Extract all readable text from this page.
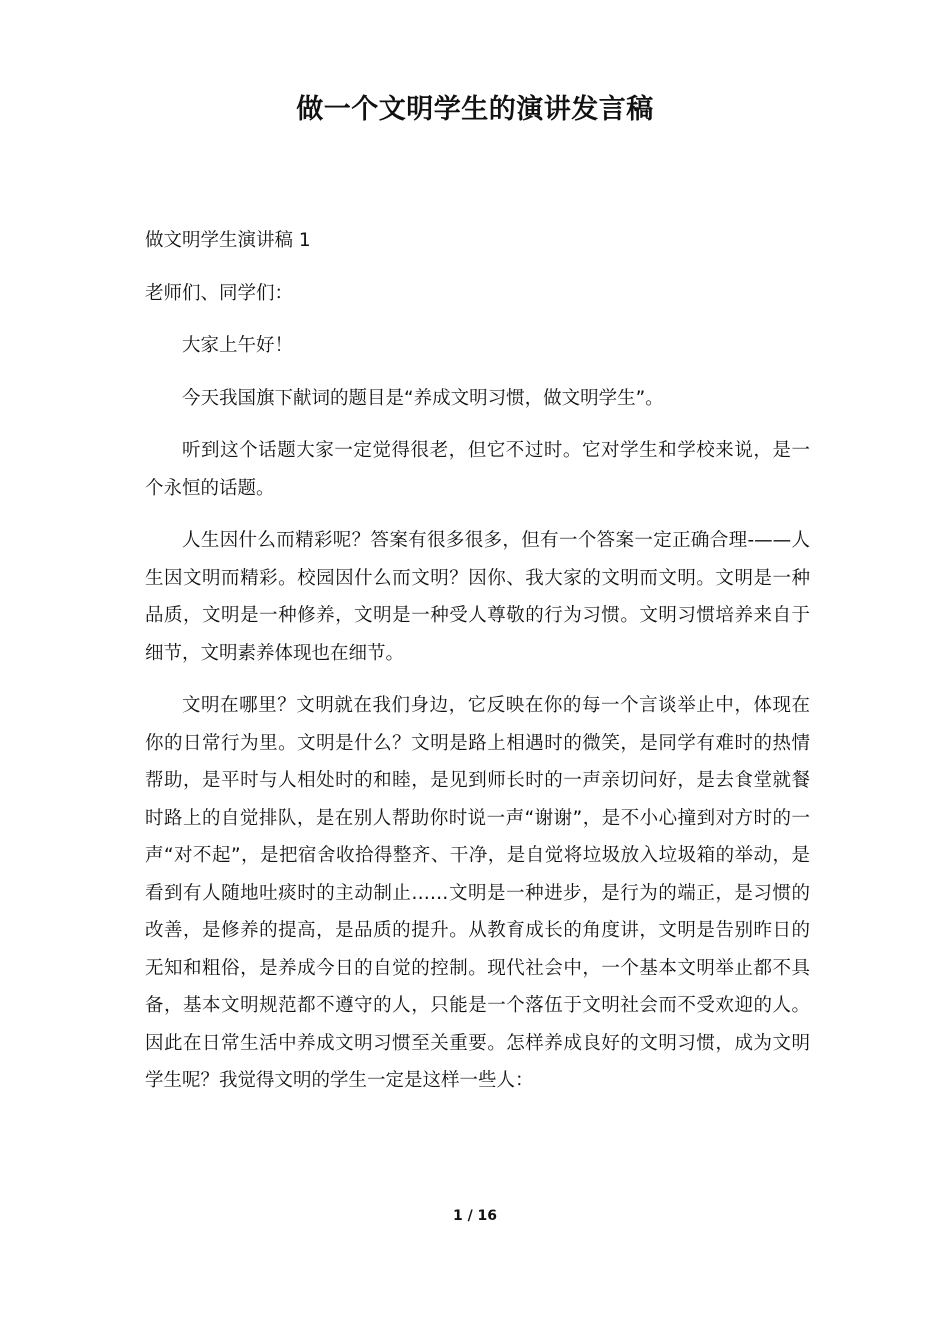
做一个文明学生的演讲发言稿

做文明学生演讲稿 1

老师们、同学们：

大家上午好！

今天我国旗下献词的题目是“养成文明习惯，做文明学生”。

听到这个话题大家一定觉得很老，但它不过时。它对学生和学校来说，是一个永恒的话题。

人生因什么而精彩呢？答案有很多很多，但有一个答案一定正确合理-——人生因文明而精彩。校园因什么而文明？因你、我大家的文明而文明。文明是一种品质，文明是一种修养，文明是一种受人尊敬的行为习惯。文明习惯培养来自于细节，文明素养体现也在细节。

文明在哪里？文明就在我们身边，它反映在你的每一个言谈举止中，体现在你的日常行为里。文明是什么？文明是路上相遇时的微笑，是同学有难时的热情帮助，是平时与人相处时的和睦，是见到师长时的一声亲切问好，是去食堂就餐时路上的自觉排队，是在别人帮助你时说一声“谢谢”，是不小心撞到对方时的一声“对不起”，是把宿舍收拾得整齐、干净，是自觉将垃圾放入垃圾箱的举动，是看到有人随地吐痰时的主动制止……文明是一种进步，是行为的端正，是习惯的改善，是修养的提高，是品质的提升。从教育成长的角度讲，文明是告别昨日的无知和粗俗，是养成今日的自觉的控制。现代社会中，一个基本文明举止都不具备，基本文明规范都不遵守的人，只能是一个落伍于文明社会而不受欢迎的人。因此在日常生活中养成文明习惯至关重要。怎样养成良好的文明习惯，成为文明学生呢？我觉得文明的学生一定是这样一些人：

1 / 16
